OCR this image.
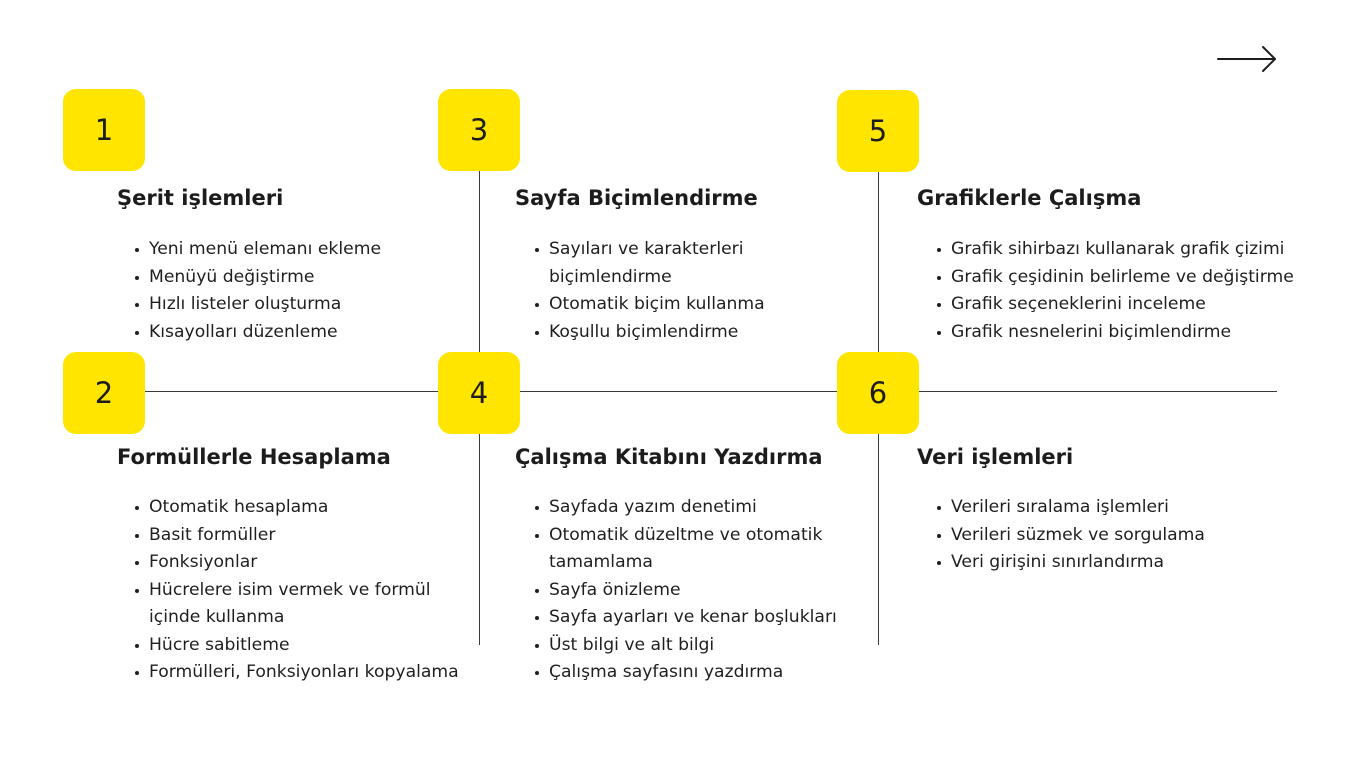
1
Şerit işlemleri
Yeni menü elemanı ekleme
Menüyü değiştirme
Hızlı listeler oluşturma
Kısayolları düzenleme
2
Formüllerle Hesaplama
Otomatik hesaplama
Basit formüller
Fonksiyonlar
Hücrelere isim vermek ve formül içinde kullanma
Hücre sabitleme
Formülleri, Fonksiyonları kopyalama
3
Sayfa Biçimlendirme
Sayıları ve karakterleri biçimlendirme
Otomatik biçim kullanma
Koşullu biçimlendirme
4
Çalışma Kitabını Yazdırma
Sayfada yazım denetimi
Otomatik düzeltme ve otomatik tamamlama
Sayfa önizleme
Sayfa ayarları ve kenar boşlukları
Üst bilgi ve alt bilgi
Çalışma sayfasını yazdırma
5
Grafiklerle Çalışma
Grafik sihirbazı kullanarak grafik çizimi
Grafik çeşidinin belirleme ve değiştirme
Grafik seçeneklerini inceleme
Grafik nesnelerini biçimlendirme
6
Veri işlemleri
Verileri sıralama işlemleri
Verileri süzmek ve sorgulama
Veri girişini sınırlandırma
